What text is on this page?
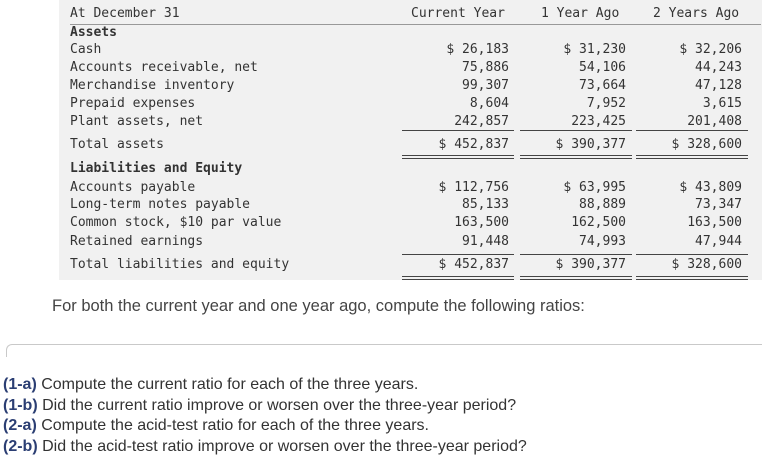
At December 31	Current Year	1 Year Ago	2 Years Ago
Assets
Cash	$ 26,183	$ 31,230	$ 32,206
Accounts receivable, net	75,886	54,106	44,243
Merchandise inventory	99,307	73,664	47,128
Prepaid expenses	8,604	7,952	3,615
Plant assets, net	242,857	223,425	201,408
Total assets	$ 452,837	$ 390,377	$ 328,600
Liabilities and Equity
Accounts payable	$ 112,756	$ 63,995	$ 43,809
Long-term notes payable	85,133	88,889	73,347
Common stock, $10 par value	163,500	162,500	163,500
Retained earnings	91,448	74,993	47,944
Total liabilities and equity	$ 452,837	$ 390,377	$ 328,600
For both the current year and one year ago, compute the following ratios:
(1-a) Compute the current ratio for each of the three years.
(1-b) Did the current ratio improve or worsen over the three-year period?
(2-a) Compute the acid-test ratio for each of the three years.
(2-b) Did the acid-test ratio improve or worsen over the three-year period?
